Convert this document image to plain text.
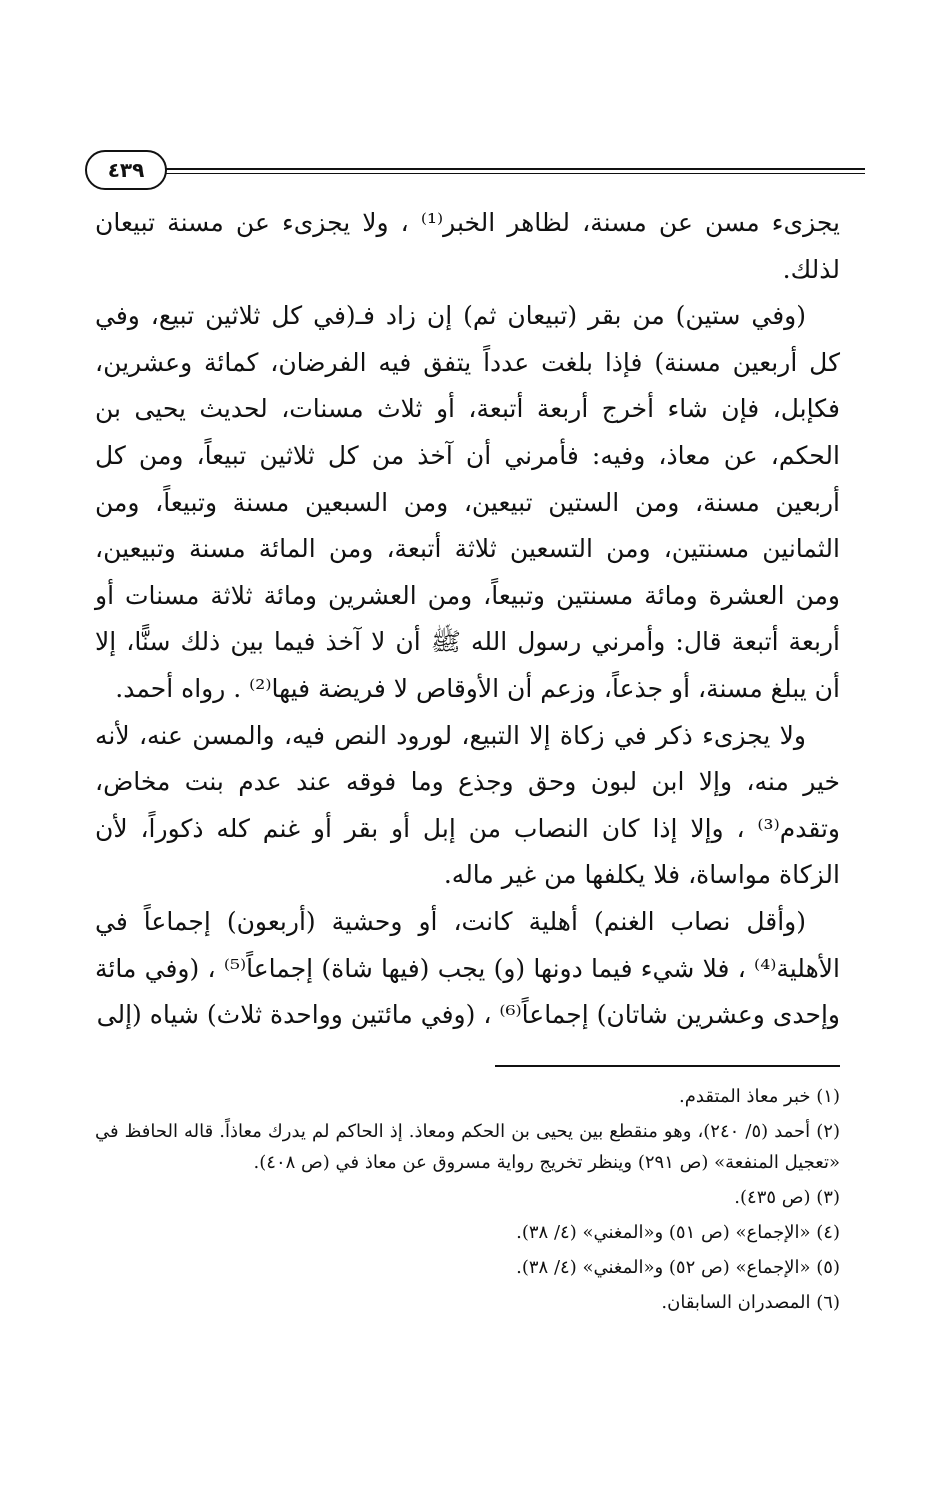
٤٣٩

يجزىء مسن عن مسنة، لظاهر الخبر⁽¹⁾ ، ولا يجزىء عن مسنة تبيعان لذلك.

(وفي ستين) من بقر (تبيعان ثم) إن زاد فـ(في كل ثلاثين تبيع، وفي كل أربعين مسنة) فإذا بلغت عدداً يتفق فيه الفرضان، كمائة وعشرين، فكإبل، فإن شاء أخرج أربعة أتبعة، أو ثلاث مسنات، لحديث يحيى بن الحكم، عن معاذ، وفيه: فأمرني أن آخذ من كل ثلاثين تبيعاً، ومن كل أربعين مسنة، ومن الستين تبيعين، ومن السبعين مسنة وتبيعاً، ومن الثمانين مسنتين، ومن التسعين ثلاثة أتبعة، ومن المائة مسنة وتبيعين، ومن العشرة ومائة مسنتين وتبيعاً، ومن العشرين ومائة ثلاثة مسنات أو أربعة أتبعة قال: وأمرني رسول الله ﷺ أن لا آخذ فيما بين ذلك سنًّا، إلا أن يبلغ مسنة، أو جذعاً، وزعم أن الأوقاص لا فريضة فيها⁽²⁾ . رواه أحمد.

ولا يجزىء ذكر في زكاة إلا التبيع، لورود النص فيه، والمسن عنه، لأنه خير منه، وإلا ابن لبون وحق وجذع وما فوقه عند عدم بنت مخاض، وتقدم⁽³⁾ ، وإلا إذا كان النصاب من إبل أو بقر أو غنم كله ذكوراً، لأن الزكاة مواساة، فلا يكلفها من غير ماله.

(وأقل نصاب الغنم) أهلية كانت، أو وحشية (أربعون) إجماعاً في الأهلية⁽⁴⁾ ، فلا شيء فيما دونها (و) يجب (فيها شاة) إجماعاً⁽⁵⁾ ، (وفي مائة وإحدى وعشرين شاتان) إجماعاً⁽⁶⁾ ، (وفي مائتين وواحدة ثلاث) شياه (إلى

(١) خبر معاذ المتقدم.
(٢) أحمد (٥/ ٢٤٠)، وهو منقطع بين يحيى بن الحكم ومعاذ. إذ الحاكم لم يدرك معاذاً. قاله الحافظ في «تعجيل المنفعة» (ص ٢٩١) وينظر تخريج رواية مسروق عن معاذ في (ص ٤٠٨).
(٣) (ص ٤٣٥).
(٤) «الإجماع» (ص ٥١) و«المغني» (٤/ ٣٨).
(٥) «الإجماع» (ص ٥٢) و«المغني» (٤/ ٣٨).
(٦) المصدران السابقان.
